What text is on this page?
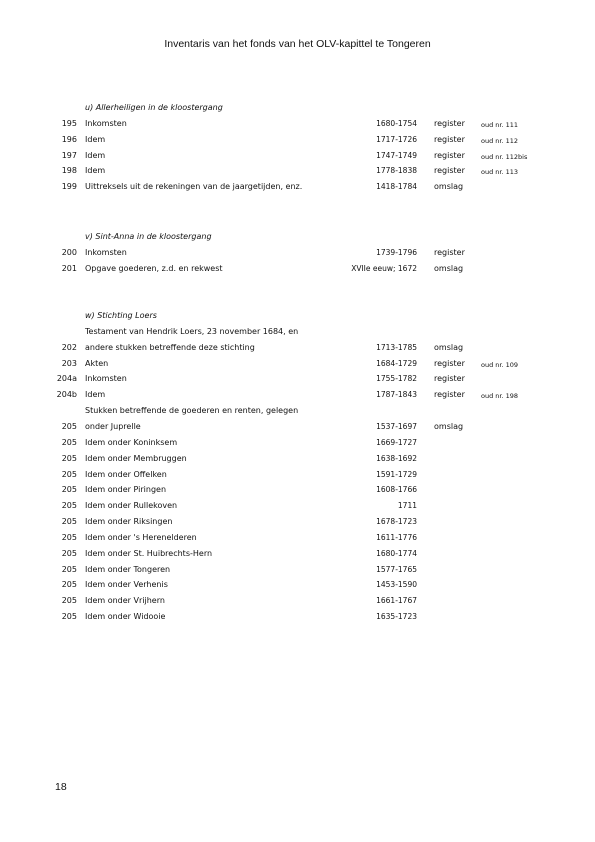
Inventaris van het fonds van het OLV-kapittel te Tongeren
u) Allerheiligen in de kloostergang
195 Inkomsten	1680-1754 register oud nr. 111
196 Idem	1717-1726 register oud nr. 112
197 Idem	1747-1749 register oud nr. 112bis
198 Idem	1778-1838 register oud nr. 113
199 Uittreksels uit de rekeningen van de jaargetijden, enz.	1418-1784 omslag
v) Sint-Anna in de kloostergang
200 Inkomsten	1739-1796 register
201 Opgave goederen, z.d. en rekwest	XVIIe eeuw; 1672 omslag
w) Stichting Loers
Testament van Hendrik Loers, 23 november 1684, en
202 andere stukken betreffende deze stichting	1713-1785 omslag
203 Akten	1684-1729 register oud nr. 109
204a Inkomsten	1755-1782 register
204b Idem	1787-1843 register oud nr. 198
Stukken betreffende de goederen en renten, gelegen
205 onder Juprelle	1537-1697 omslag
205 Idem onder Koninksem	1669-1727
205 Idem onder Membruggen	1638-1692
205 Idem onder Offelken	1591-1729
205 Idem onder Piringen	1608-1766
205 Idem onder Rullekoven	1711
205 Idem onder Riksingen	1678-1723
205 Idem onder 's Herenelderen	1611-1776
205 Idem onder St. Huibrechts-Hern	1680-1774
205 Idem onder Tongeren	1577-1765
205 Idem onder Verhenis	1453-1590
205 Idem onder Vrijhern	1661-1767
205 Idem onder Widooie	1635-1723
18
